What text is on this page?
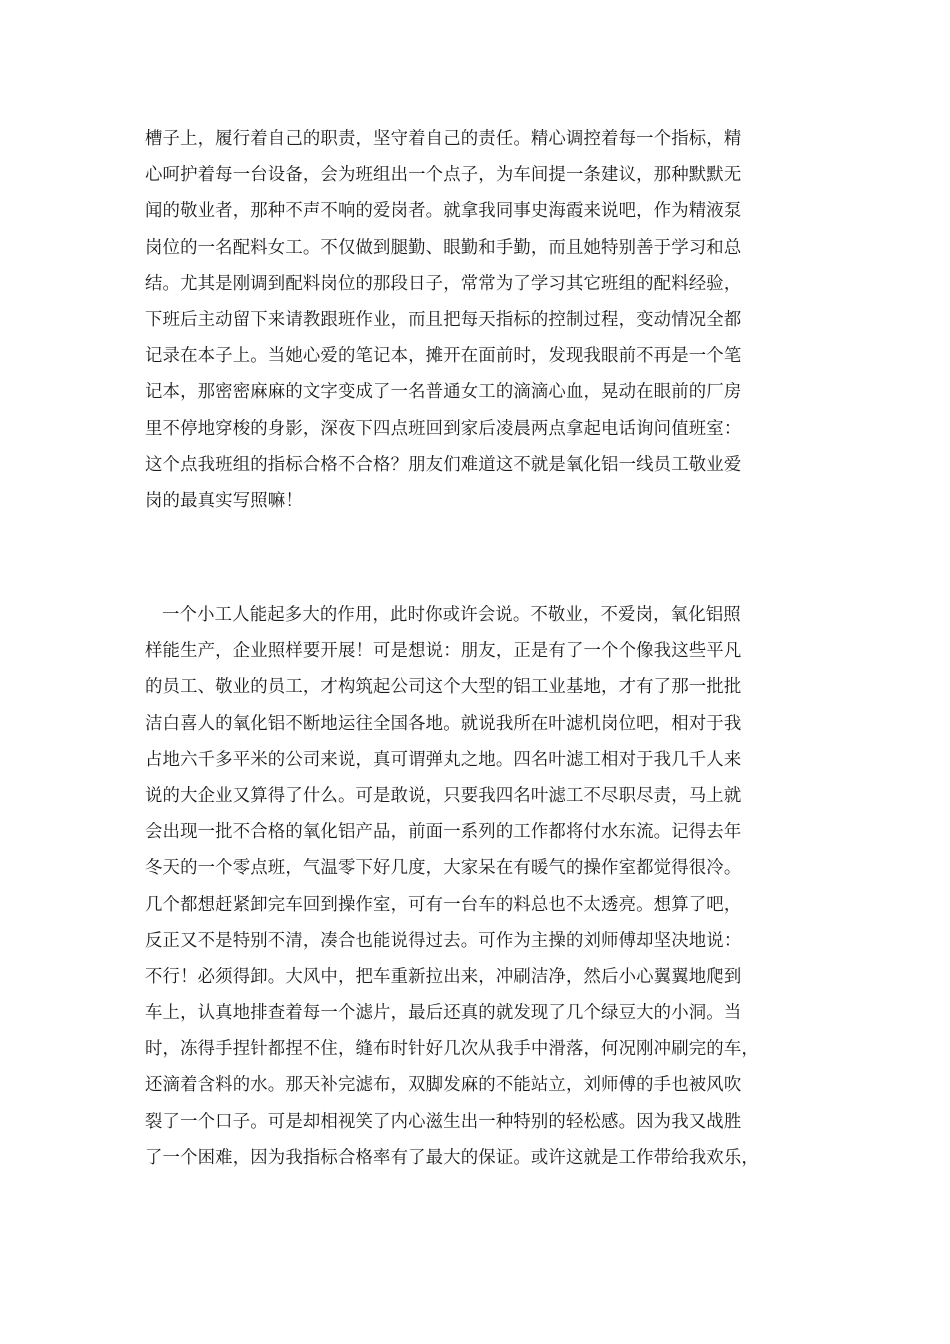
槽子上，履行着自己的职责，坚守着自己的责任。精心调控着每一个指标，精
心呵护着每一台设备，会为班组出一个点子，为车间提一条建议，那种默默无
闻的敬业者，那种不声不响的爱岗者。就拿我同事史海霞来说吧，作为精液泵
岗位的一名配料女工。不仅做到腿勤、眼勤和手勤，而且她特别善于学习和总
结。尤其是刚调到配料岗位的那段日子，常常为了学习其它班组的配料经验，
下班后主动留下来请教跟班作业，而且把每天指标的控制过程，变动情况全都
记录在本子上。当她心爱的笔记本，摊开在面前时，发现我眼前不再是一个笔
记本，那密密麻麻的文字变成了一名普通女工的滴滴心血，晃动在眼前的厂房
里不停地穿梭的身影，深夜下四点班回到家后凌晨两点拿起电话询问值班室：
这个点我班组的指标合格不合格？朋友们难道这不就是氧化铝一线员工敬业爱
岗的最真实写照嘛！
一个小工人能起多大的作用，此时你或许会说。不敬业，不爱岗，氧化铝照
样能生产，企业照样要开展！可是想说：朋友，正是有了一个个像我这些平凡
的员工、敬业的员工，才构筑起公司这个大型的铝工业基地，才有了那一批批
洁白喜人的氧化铝不断地运往全国各地。就说我所在叶滤机岗位吧，相对于我
占地六千多平米的公司来说，真可谓弹丸之地。四名叶滤工相对于我几千人来
说的大企业又算得了什么。可是敢说，只要我四名叶滤工不尽职尽责，马上就
会出现一批不合格的氧化铝产品，前面一系列的工作都将付水东流。记得去年
冬天的一个零点班，气温零下好几度，大家呆在有暖气的操作室都觉得很冷。
几个都想赶紧卸完车回到操作室，可有一台车的料总也不太透亮。想算了吧，
反正又不是特别不清，凑合也能说得过去。可作为主操的刘师傅却坚决地说：
不行！必须得卸。大风中，把车重新拉出来，冲刷洁净，然后小心翼翼地爬到
车上，认真地排查着每一个滤片，最后还真的就发现了几个绿豆大的小洞。当
时，冻得手捏针都捏不住，缝布时针好几次从我手中滑落，何况刚冲刷完的车，
还滴着含料的水。那天补完滤布，双脚发麻的不能站立，刘师傅的手也被风吹
裂了一个口子。可是却相视笑了内心滋生出一种特别的轻松感。因为我又战胜
了一个困难，因为我指标合格率有了最大的保证。或许这就是工作带给我欢乐，
